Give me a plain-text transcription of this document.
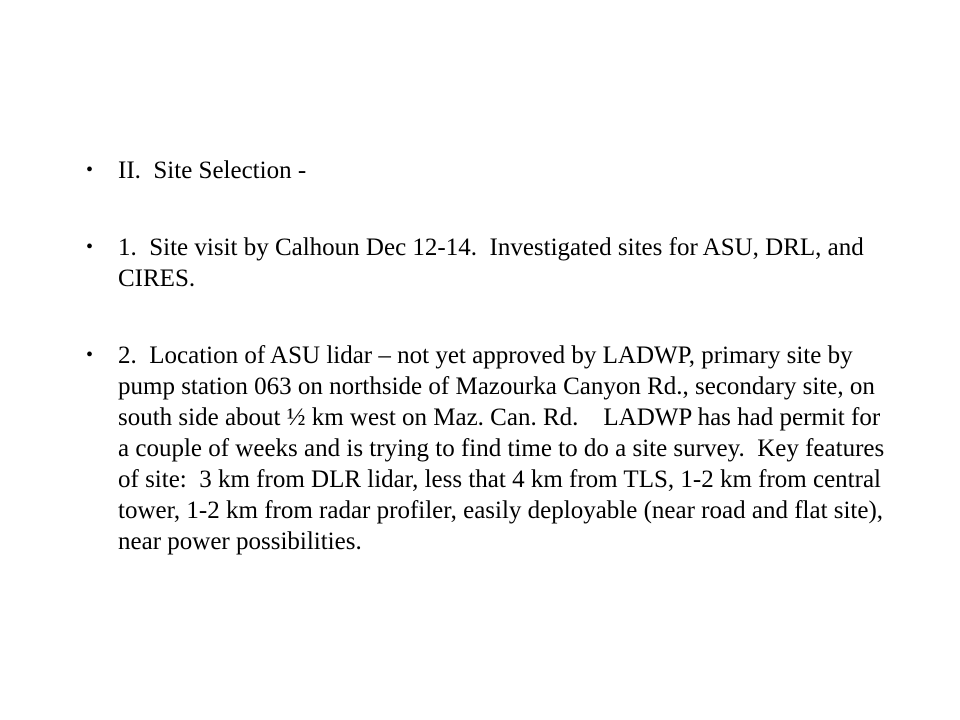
• II.  Site Selection -
• 1.  Site visit by Calhoun Dec 12-14.  Investigated sites for ASU, DRL, and CIRES.
• 2.  Location of ASU lidar – not yet approved by LADWP, primary site by pump station 063 on northside of Mazourka Canyon Rd., secondary site, on south side about ½ km west on Maz. Can. Rd.    LADWP has had permit for a couple of weeks and is trying to find time to do a site survey.  Key features of site:  3 km from DLR lidar, less that 4 km from TLS, 1-2 km from central tower, 1-2 km from radar profiler, easily deployable (near road and flat site), near power possibilities.
